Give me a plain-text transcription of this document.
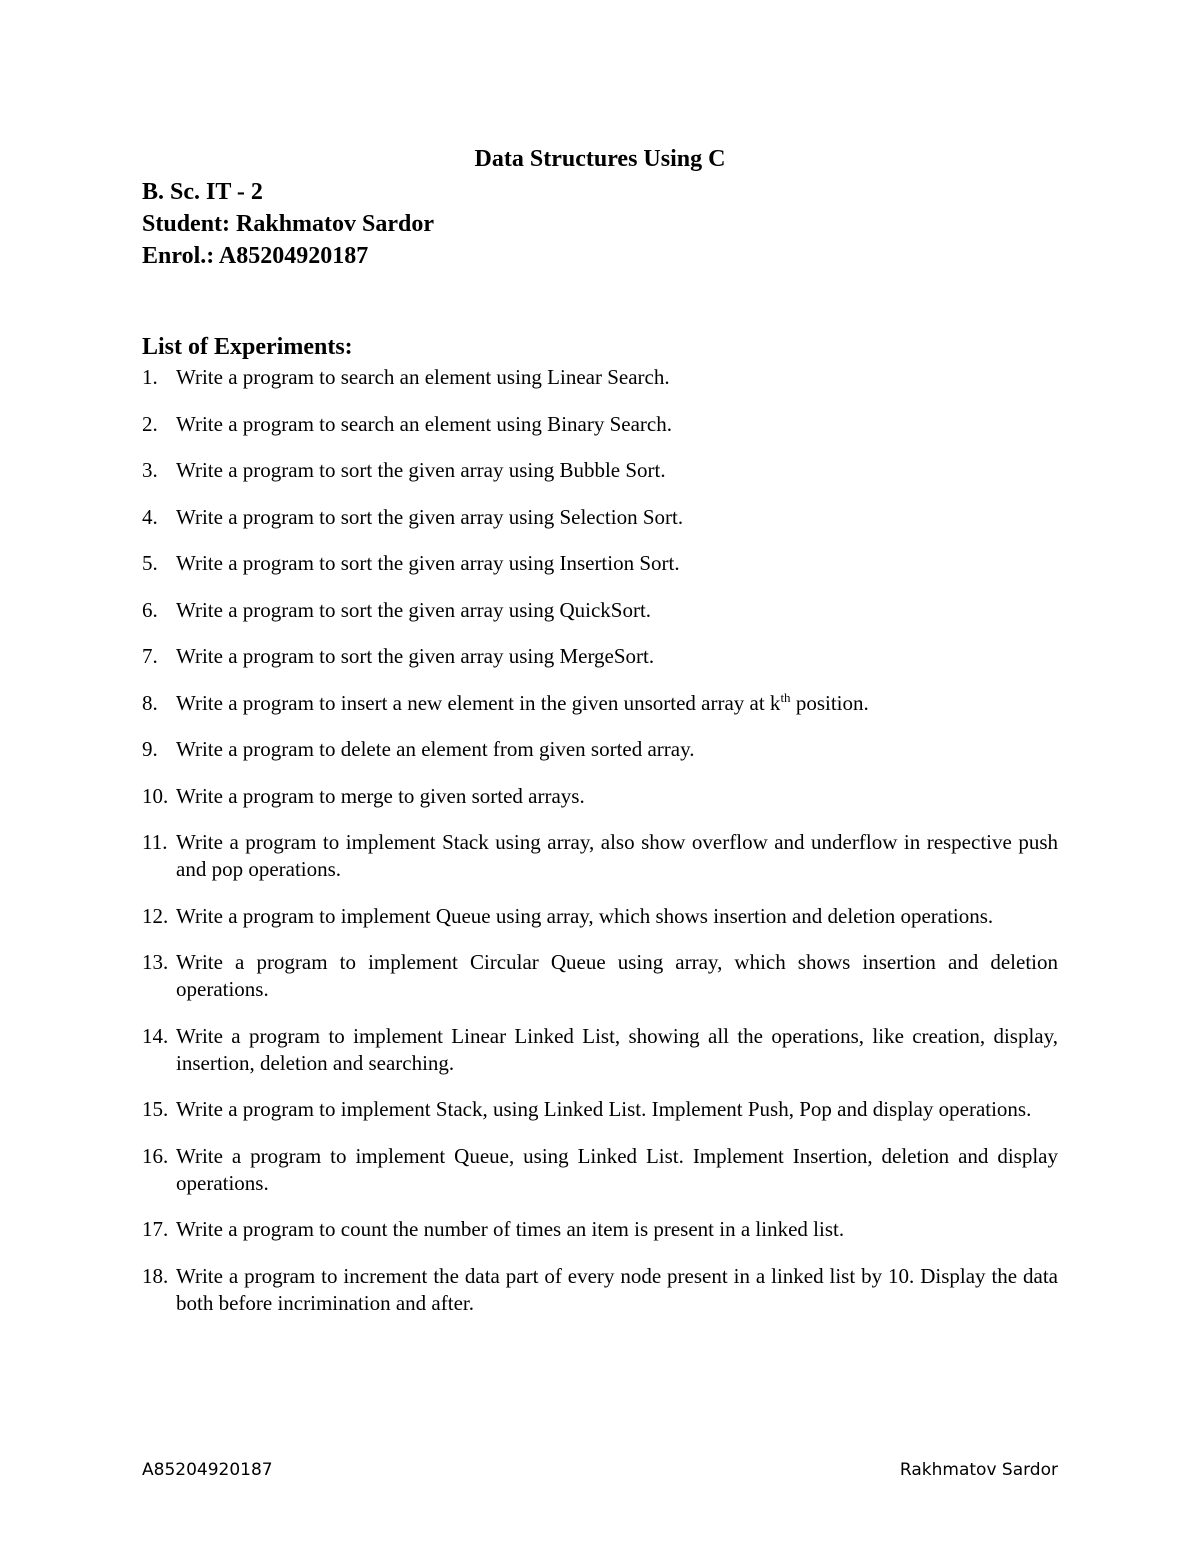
Data Structures Using C
B. Sc. IT - 2
Student: Rakhmatov Sardor
Enrol.: A85204920187
List of Experiments:
1. Write a program to search an element using Linear Search.
2. Write a program to search an element using Binary Search.
3. Write a program to sort the given array using Bubble Sort.
4. Write a program to sort the given array using Selection Sort.
5. Write a program to sort the given array using Insertion Sort.
6. Write a program to sort the given array using QuickSort.
7. Write a program to sort the given array using MergeSort.
8. Write a program to insert a new element in the given unsorted array at $k^{th}$ position.
9. Write a program to delete an element from given sorted array.
10. Write a program to merge to given sorted arrays.
11. Write a program to implement Stack using array, also show overflow and underflow in respective push and pop operations.
12. Write a program to implement Queue using array, which shows insertion and deletion operations.
13. Write a program to implement Circular Queue using array, which shows insertion and deletion operations.
14. Write a program to implement Linear Linked List, showing all the operations, like creation, display, insertion, deletion and searching.
15. Write a program to implement Stack, using Linked List. Implement Push, Pop and display operations.
16. Write a program to implement Queue, using Linked List. Implement Insertion, deletion and display operations.
17. Write a program to count the number of times an item is present in a linked list.
18. Write a program to increment the data part of every node present in a linked list by 10. Display the data both before incrimination and after.
A85204920187	Rakhmatov Sardor
